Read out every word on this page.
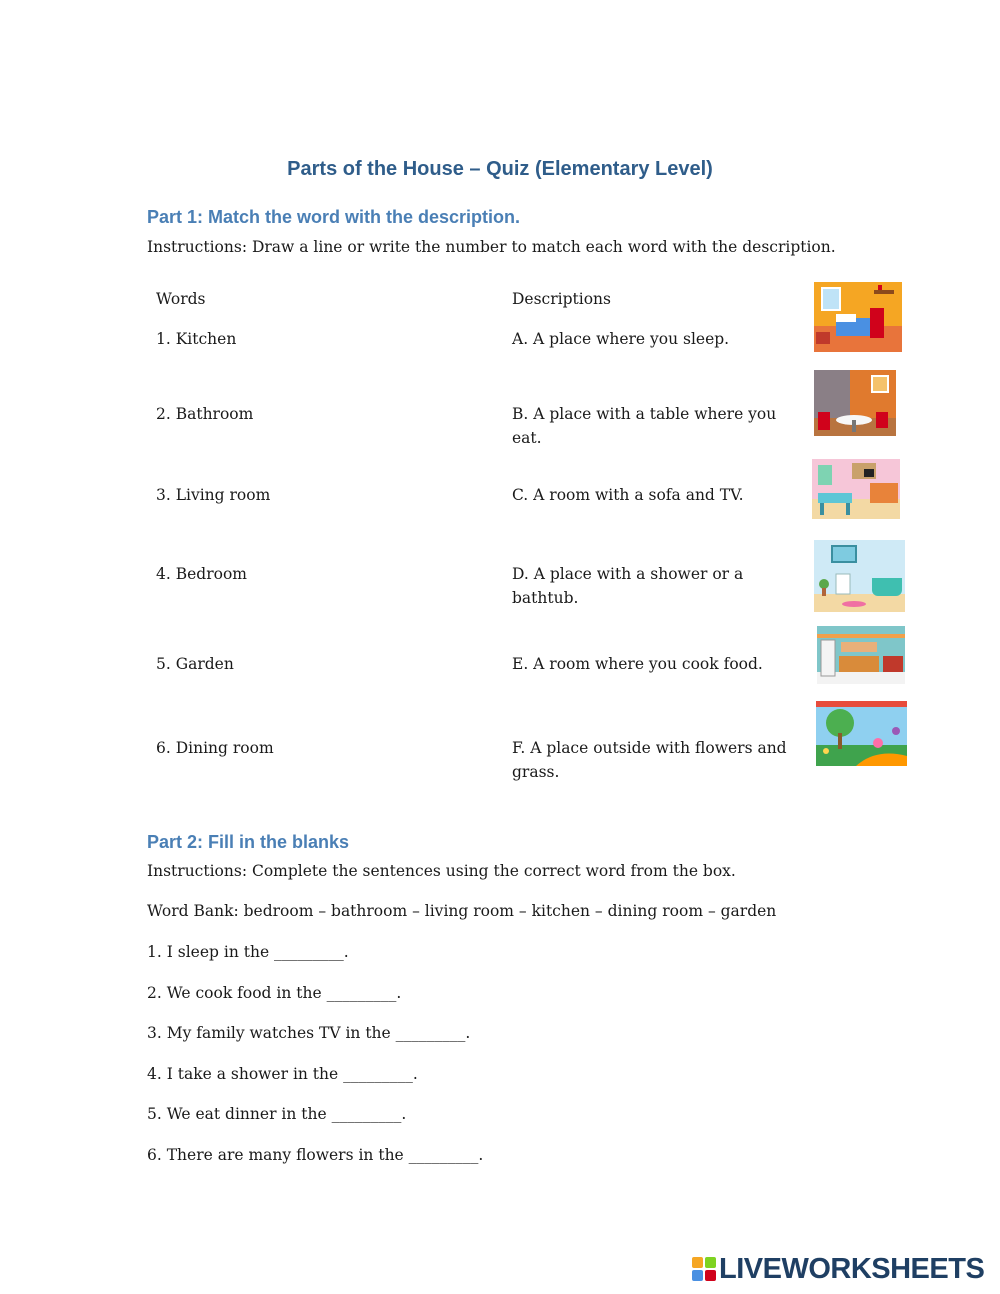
Parts of the House – Quiz (Elementary Level)
Part 1: Match the word with the description.
Instructions: Draw a line or write the number to match each word with the description.
Words	Descriptions
1. Kitchen
2. Bathroom
3. Living room
4. Bedroom
5. Garden
6. Dining room
A. A place where you sleep.
B. A place with a table where you eat.
C. A room with a sofa and TV.
D. A place with a shower or a bathtub.
E. A room where you cook food.
F. A place outside with flowers and grass.
Part 2: Fill in the blanks
Instructions: Complete the sentences using the correct word from the box.
Word Bank: bedroom – bathroom – living room – kitchen – dining room – garden
1. I sleep in the _________.
2. We cook food in the _________.
3. My family watches TV in the _________.
4. I take a shower in the _________.
5. We eat dinner in the _________.
6. There are many flowers in the _________.
LIVEWORKSHEETS
